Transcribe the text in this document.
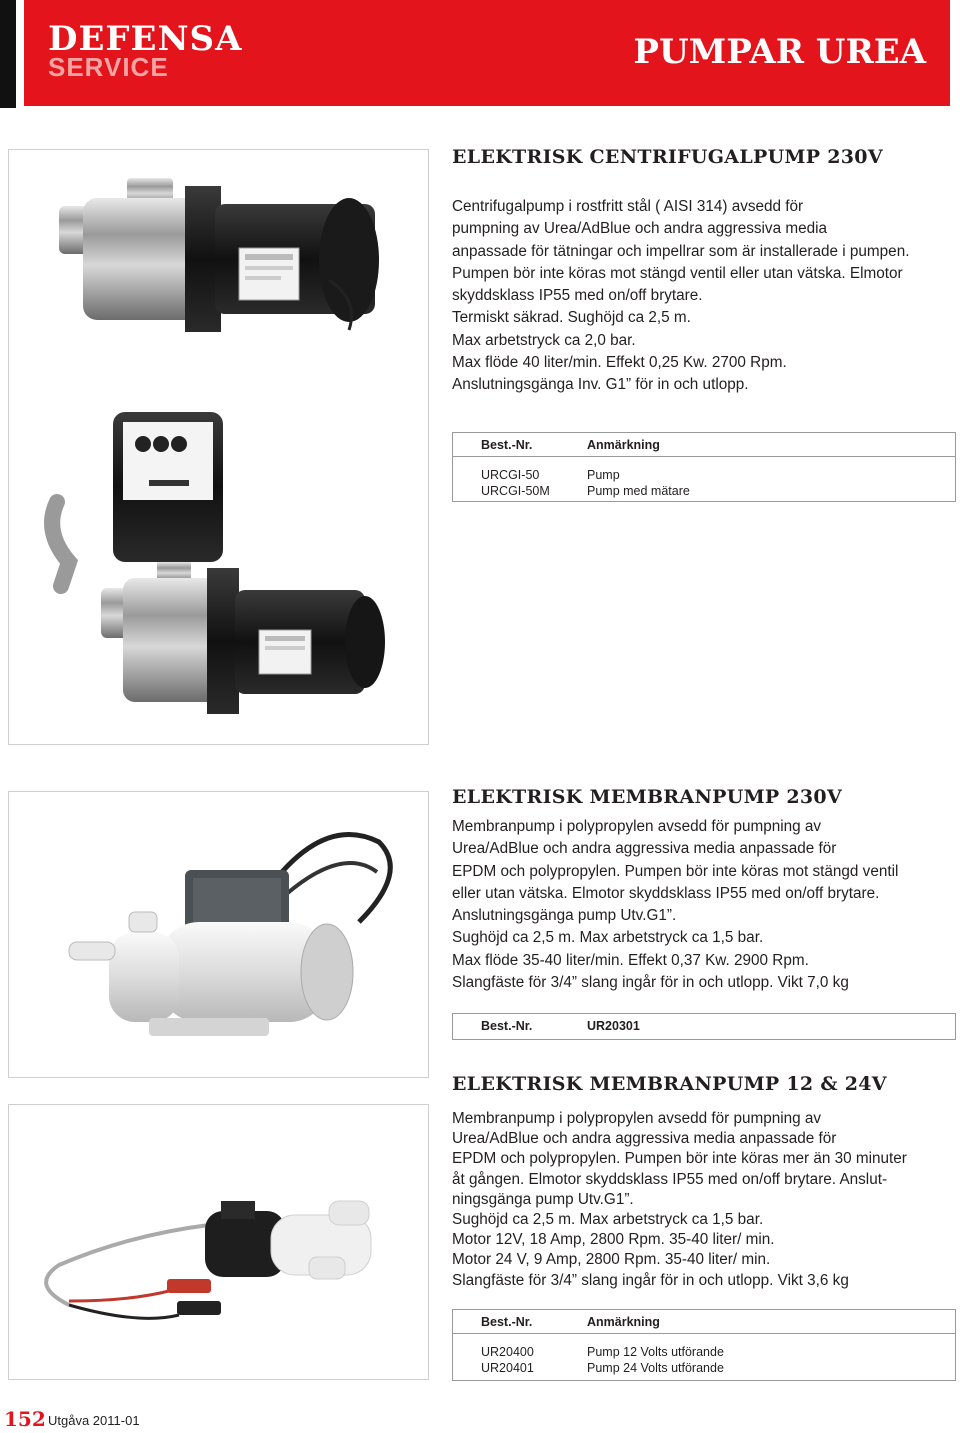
DEFENSA
SERVICE	PUMPAR UREA
ELEKTRISK CENTRIFUGALPUMP 230V

Centrifugalpump i rostfritt stål ( AISI 314) avsedd för

pumpning av Urea/AdBlue och andra aggressiva media

anpassade för tätningar och impellrar som är installerade i pumpen.

Pumpen bör inte köras mot stängd ventil eller utan vätska. Elmotor

skyddsklass IP55 med on/off brytare.

Termiskt säkrad. Sughöjd ca 2,5 m.

Max arbetstryck ca 2,0 bar.

Max flöde 40 liter/min. Effekt 0,25 Kw. 2700 Rpm.

Anslutningsgänga Inv. G1” för in och utlopp.

Best.-Nr.	Anmärkning
URCGI-50	Pump
URCGI-50M	Pump med mätare
ELEKTRISK MEMBRANPUMP 230V

Membranpump i polypropylen avsedd för pumpning av

Urea/AdBlue och andra aggressiva media anpassade för

EPDM och polypropylen. Pumpen bör inte köras mot stängd ventil

eller utan vätska. Elmotor skyddsklass IP55 med on/off brytare.

Anslutningsgänga pump Utv.G1”.

Sughöjd ca 2,5 m. Max arbetstryck ca 1,5 bar.

Max flöde 35-40 liter/min. Effekt 0,37 Kw. 2900 Rpm.

Slangfäste för 3/4” slang ingår för in och utlopp. Vikt 7,0 kg

Best.-Nr.	UR20301
ELEKTRISK MEMBRANPUMP 12 & 24V

Membranpump i polypropylen avsedd för pumpning av

Urea/AdBlue och andra aggressiva media anpassade för

EPDM och polypropylen. Pumpen bör inte köras mer än 30 minuter

åt gången. Elmotor skyddsklass IP55 med on/off brytare. Anslut-

ningsgänga pump Utv.G1”.

Sughöjd ca 2,5 m. Max arbetstryck ca 1,5 bar.

Motor 12V, 18 Amp, 2800 Rpm. 35-40 liter/ min.

Motor 24 V, 9 Amp, 2800 Rpm. 35-40 liter/ min.

Slangfäste för 3/4” slang ingår för in och utlopp. Vikt 3,6 kg

Best.-Nr.	Anmärkning
UR20400	Pump 12 Volts utförande
UR20401	Pump 24 Volts utförande
152 Utgåva 2011-01
